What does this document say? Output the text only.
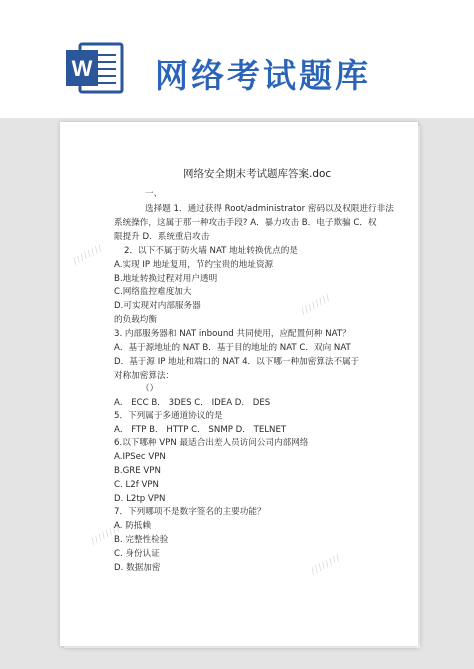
W 网络考试题库
////////
////////
////////
////////
网络安全期末考试题库答案.doc
一、
选择题 1．通过获得 Root/administrator 密码以及权限进行非法
系统操作，这属于那一种攻击手段? A．暴力攻击 B．电子欺骗 C．权
限提升 D．系统重启攻击
2．以下不属于防火墙 NAT 地址转换优点的是
A.实现 IP 地址复用，节约宝贵的地址资源
B.地址转换过程对用户透明
C.网络监控难度加大
D.可实现对内部服务器
的负载均衡
3. 内部服务器和 NAT inbound 共同使用，应配置何种 NAT？
A．基于源地址的 NAT B．基于目的地址的 NAT C．双向 NAT
D．基于源 IP 地址和端口的 NAT 4．以下哪一种加密算法不属于
对称加密算法：
（）
A． ECC B． 3DES C． IDEA D． DES
5．下列属于多通道协议的是
A． FTP B． HTTP C． SNMP D． TELNET
6.以下哪种 VPN 最适合出差人员访问公司内部网络
A.IPSec VPN
B.GRE VPN
C. L2f VPN
D. L2tp VPN
7．下列哪项不是数字签名的主要功能？
A. 防抵赖
B. 完整性检验
C. 身份认证
D. 数据加密
